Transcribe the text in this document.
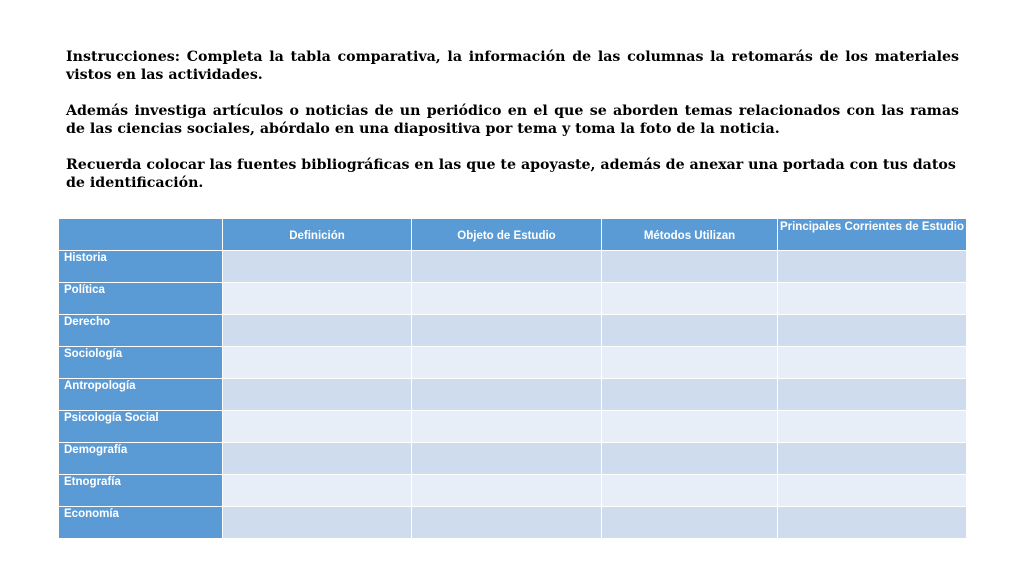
Instrucciones: Completa la tabla comparativa, la información de las columnas la retomarás de los materiales vistos en las actividades.

Además investiga artículos o noticias de un periódico en el que se aborden temas relacionados con las ramas de las ciencias sociales, abórdalo en una diapositiva por tema y toma la foto de la noticia.

Recuerda colocar las fuentes bibliográficas en las que te apoyaste, además de anexar una portada con tus datos de identificación.

	Definición	Objeto de Estudio	Métodos Utilizan	Principales Corrientes de Estudio
Historia				
Política				
Derecho				
Sociología				
Antropología				
Psicología Social				
Demografía				
Etnografía				
Economía				
